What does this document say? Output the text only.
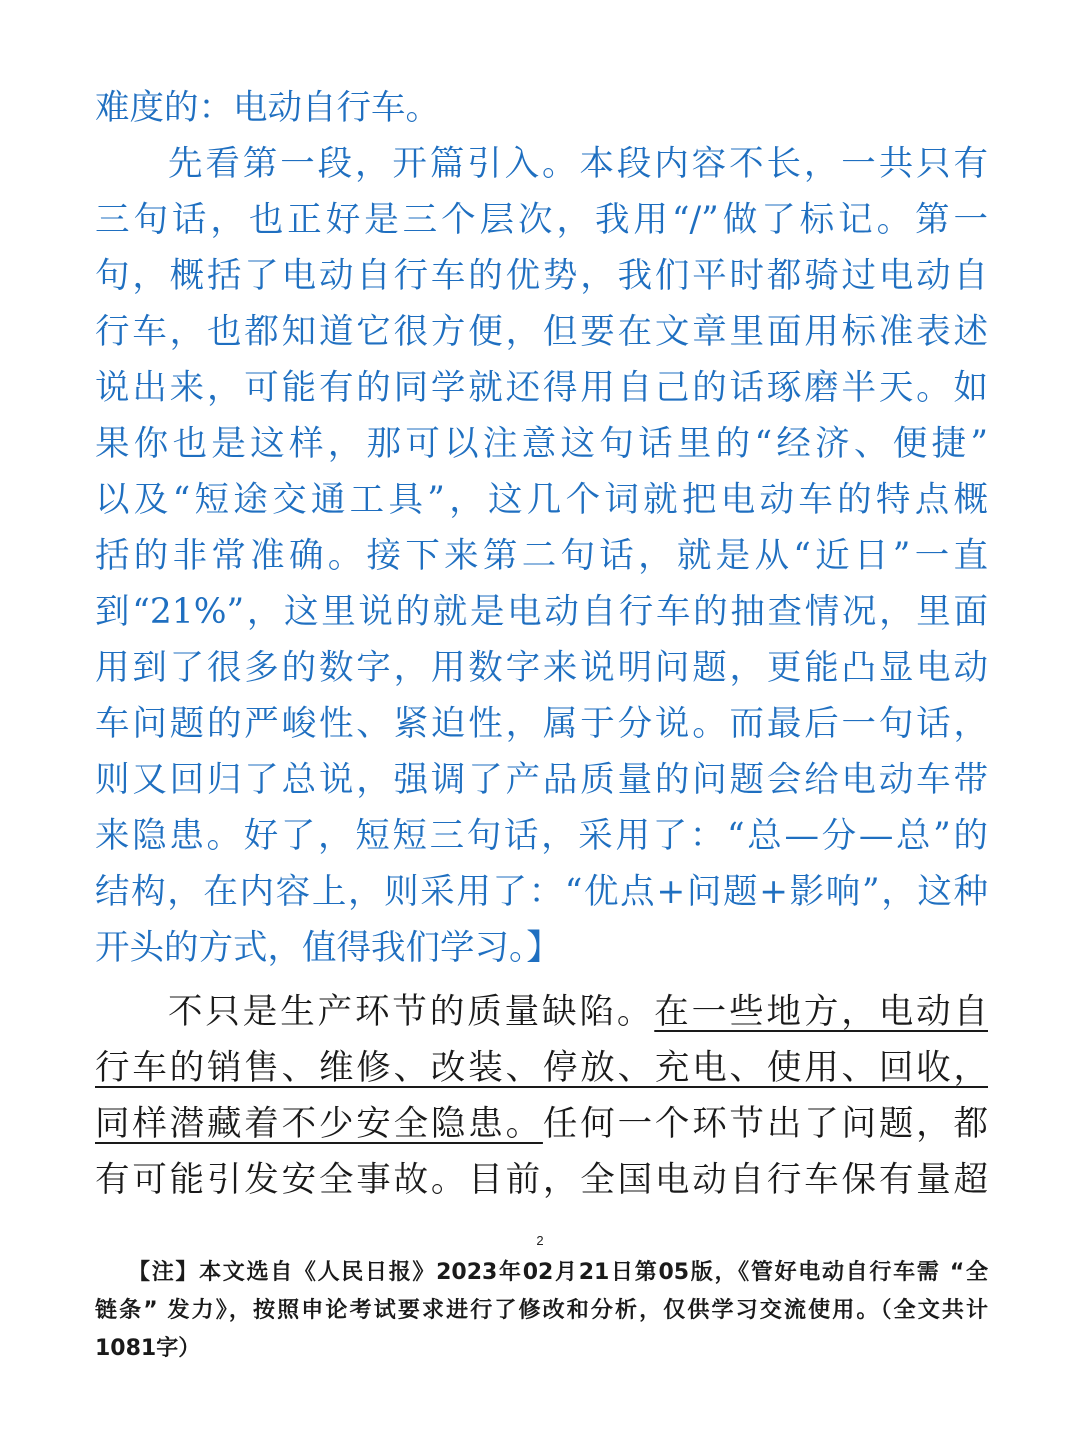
难度的：电动自行车。
先看第一段，开篇引入。本段内容不长，一共只有
三句话，也正好是三个层次，我用“/”做了标记。第一
句，概括了电动自行车的优势，我们平时都骑过电动自
行车，也都知道它很方便，但要在文章里面用标准表述
说出来，可能有的同学就还得用自己的话琢磨半天。如
果你也是这样，那可以注意这句话里的“经济、便捷”
以及“短途交通工具”，这几个词就把电动车的特点概
括的非常准确。接下来第二句话，就是从“近日”一直
到“21%”，这里说的就是电动自行车的抽查情况，里面
用到了很多的数字，用数字来说明问题，更能凸显电动
车问题的严峻性、紧迫性，属于分说。而最后一句话，
则又回归了总说，强调了产品质量的问题会给电动车带
来隐患。好了，短短三句话，采用了：“总—分—总”的
结构，在内容上，则采用了：“优点+问题+影响”，这种
开头的方式，值得我们学习。】
不只是生产环节的质量缺陷。在一些地方，电动自
行车的销售、维修、改装、停放、充电、使用、回收，
同样潜藏着不少安全隐患。任何一个环节出了问题，都
有可能引发安全事故。目前，全国电动自行车保有量超
2
【注】本文选自《人民日报》2023年02月21日第05版，《管好电动自行车需 “全
链条” 发力》，按照申论考试要求进行了修改和分析，仅供学习交流使用。（全文共计
1081字）
